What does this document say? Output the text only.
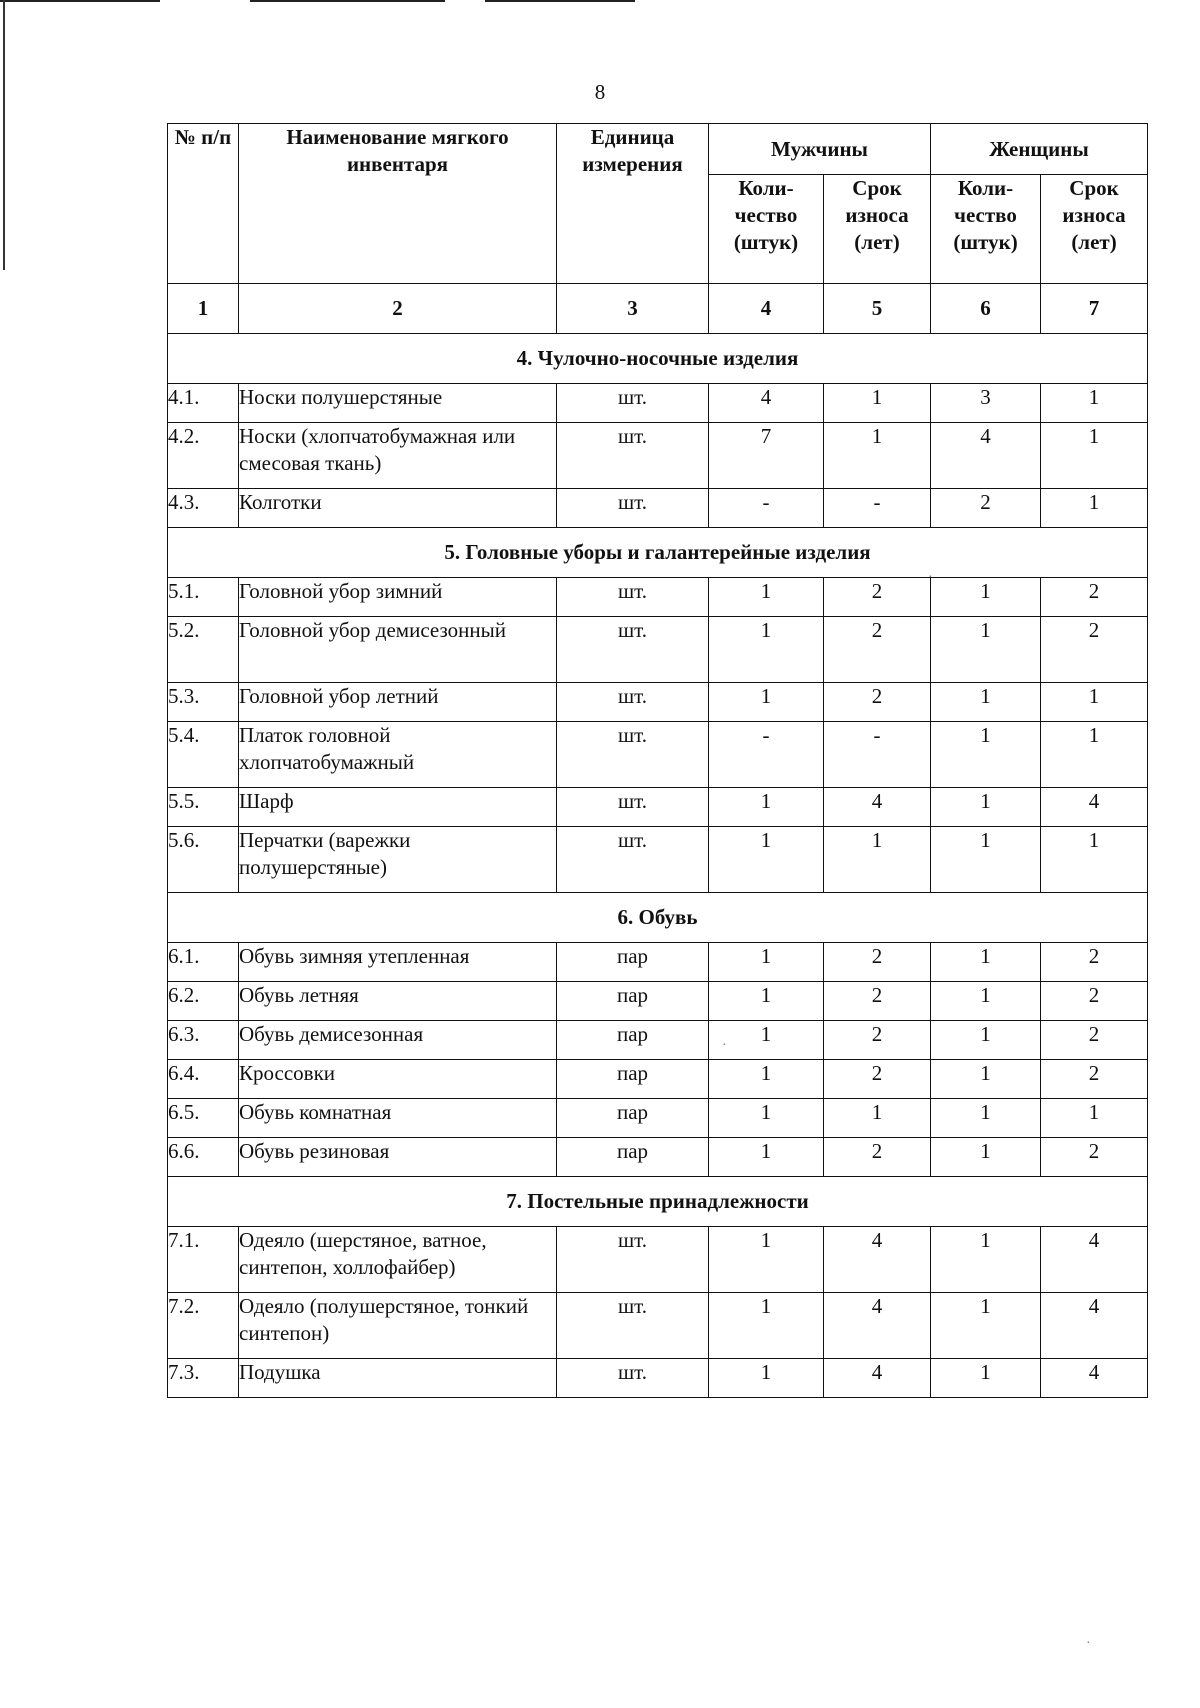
8
№ п/п	Наименование мягкого инвентаря	Единица измерения	Мужчины		Женщины	
			Коли-чество (штук)	Срок износа (лет)	Коли-чество (штук)	Срок износа (лет)
1	2	3	4	5	6	7
4. Чулочно-носочные изделия						
4.1.	Носки полушерстяные	шт.	4	1	3	1
4.2.	Носки (хлопчатобумажная или смесовая ткань)	шт.	7	1	4	1
4.3.	Колготки	шт.	-	-	2	1
5. Головные уборы и галантерейные изделия						
5.1.	Головной убор зимний	шт.	1	2	1	2
5.2.	Головной убор демисезонный	шт.	1	2	1	2
5.3.	Головной убор летний	шт.	1	2	1	1
5.4.	Платок головной хлопчатобумажный	шт.	-	-	1	1
5.5.	Шарф	шт.	1	4	1	4
5.6.	Перчатки (варежки полушерстяные)	шт.	1	1	1	1
6. Обувь						
6.1.	Обувь зимняя утепленная	пар	1	2	1	2
6.2.	Обувь летняя	пар	1	2	1	2
6.3.	Обувь демисезонная	пар	1	2	1	2
6.4.	Кроссовки	пар	1	2	1	2
6.5.	Обувь комнатная	пар	1	1	1	1
6.6.	Обувь резиновая	пар	1	2	1	2
7. Постельные принадлежности						
7.1.	Одеяло (шерстяное, ватное, синтепон, холлофайбер)	шт.	1	4	1	4
7.2.	Одеяло (полушерстяное, тонкий синтепон)	шт.	1	4	1	4
7.3.	Подушка	шт.	1	4	1	4
·
·
·
